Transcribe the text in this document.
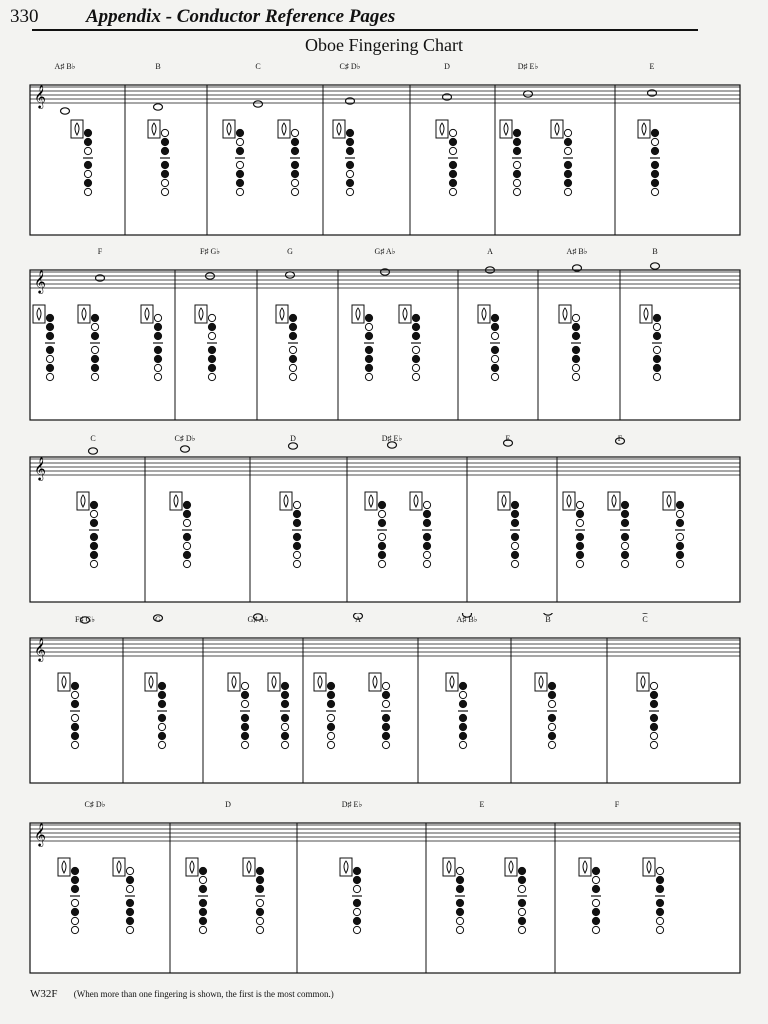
330	Appendix - Conductor Reference Pages
Oboe Fingering Chart
𝄞
A♯ B♭	B	C	C♯ D♭	D	D♯ E♭	E
𝄞
F	F♯ G♭	G	G♯ A♭	A	A♯ B♭	B
𝄞
C	C♯ D♭	D	D♯ E♭	E	F
𝄞
F♯ G♭	G	G♯ A♭	A	A♯ B♭	B	C
𝄞
C♯ D♭	D	D♯ E♭	E	F
W32F (When more than one fingering is shown, the first is the most common.)
